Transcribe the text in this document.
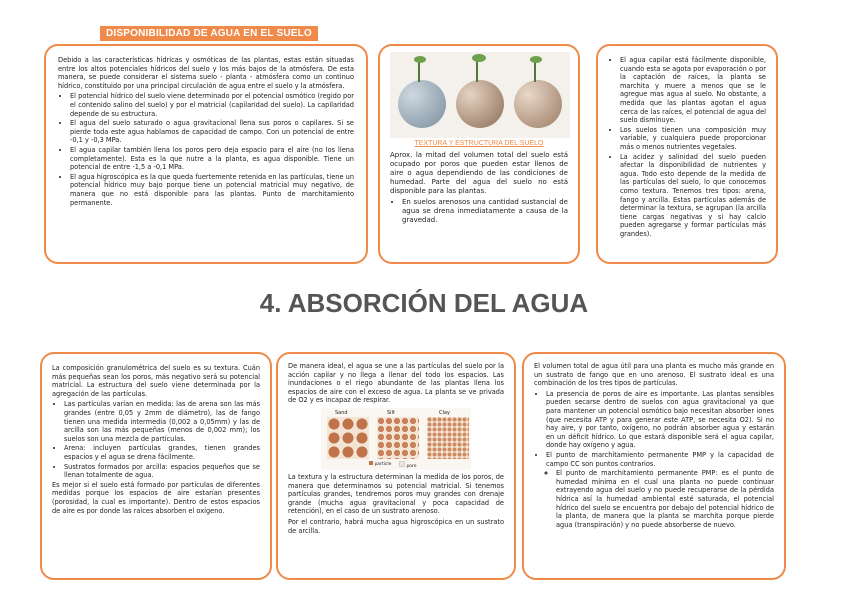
DISPONIBILIDAD DE AGUA EN EL SUELO

Debido a las características hídricas y osmóticas de las plantas, estas están situadas entre los altos potenciales hídricos del suelo y los más bajos de la atmósfera. De esta manera, se puede considerar el sistema suelo - planta - atmósfera como un continuo hídrico, constituido por una principal circulación de agua entre el suelo y la atmósfera.

• El potencial hídrico del suelo viene determinado por el potencial osmótico (regido por el contenido salino del suelo) y por el matricial (capilaridad del suelo). La capilaridad depende de su estructura.
• El agua del suelo saturado o agua gravitacional llena sus poros o capilares. Si se pierde toda este agua hablamos de capacidad de campo. Con un potencial de entre -0,1 y -0,3 MPa.
• El agua capilar también llena los poros pero deja espacio para el aire (no los llena completamente). Esta es la que nutre a la planta, es agua disponible. Tiene un potencial de entre -1,5 a -0,1 MPa.
• El agua higroscópica es la que queda fuertemente retenida en las partículas, tiene un potencial hídrico muy bajo porque tiene un potencial matricial muy negativo, de manera que no está disponible para las plantas. Punto de marchitamiento permanente.
TEXTURA Y ESTRUCTURA DEL SUELO

Aprox. la mitad del volumen total del suelo está ocupado por poros que pueden estar llenos de aire o agua dependiendo de las condiciones de humedad. Parte del agua del suelo no está disponible para las plantas.

• En suelos arenosos una cantidad sustancial de agua se drena inmediatamente a causa de la gravedad.
• El agua capilar está fácilmente disponible, cuando esta se agota por evaporación o por la captación de raíces, la planta se marchita y muere a menos que se le agregue mas agua al suelo. No obstante, a medida que las plantas agotan el agua cerca de las raíces, el potencial de agua del suelo disminuye.
• Los suelos tienen una composición muy variable, y cualquiera puede proporcionar más o menos nutrientes vegetales.
• La acidez y salinidad del suelo pueden afectar la disponibilidad de nutrientes y agua. Todo esto depende de la medida de las partículas del suelo, lo que conocemos como textura. Tenemos tres tipos: arena, fango y arcilla. Estas partículas además de determinar la textura, se agrupan (la arcilla tiene cargas negativas y si hay calcio pueden agregarse y formar partículas más grandes).
4. ABSORCIÓN DEL AGUA

La composición granulométrica del suelo es su textura. Cuán más pequeñas sean los poros, más negativo será su potencial matricial. La estructura del suelo viene determinada por la agregación de las partículas.

• Las partículas varían en medida: las de arena son las más grandes (entre 0,05 y 2mm de diámetro), las de fango tienen una medida intermedia (0,002 a 0,05mm) y las de arcilla son las más pequeñas (menos de 0,002 mm); los suelos son una mezcla de partículas.
• Arena: incluyen partículas grandes, tienen grandes espacios y el agua se drena fácilmente.
• Sustratos formados por arcilla: espacios pequeños que se llenan totalmente de agua.

Es mejor si el suelo está formado por partículas de diferentes medidas porque los espacios de aire estarían presentes (porosidad, la cual es importante). Dentro de estos espacios de aire es por donde las raíces absorben el oxígeno.

De manera ideal, el agua se une a las partículas del suelo por la acción capilar y no llega a llenar del todo los espacios. Las inundaciones o el riego abundante de las plantas llena los espacios de aire con el exceso de agua. La planta se ve privada de O2 y es incapaz de respirar.

Sand	Silt	Clay
particle	pore

La textura y la estructura determinan la medida de los poros, de manera que determinamos su potencial matricial. Si tenemos partículas grandes, tendremos poros muy grandes con drenaje grande (mucha agua gravitacional y poca capacidad de retención), en el caso de un sustrato arenoso.

Por el contrario, habrá mucha agua higroscópica en un sustrato de arcilla.

El volumen total de agua útil para una planta es mucho más grande en un sustrato de fango que en uno arenoso. El sustrato ideal es una combinación de los tres tipos de partículas.

• La presencia de poros de aire es importante. Las plantas sensibles pueden secarse dentro de suelos con agua gravitacional ya que para mantener un potencial osmótico bajo necesitan absorber iones (que necesita ATP y para generar este ATP, se necesita O2). Si no hay aire, y por tanto, oxígeno, no podrán absorber agua y estarán en un déficit hídrico. Lo que estará disponible será el agua capilar, donde hay oxígeno y agua.
• El punto de marchitamiento permanente PMP y la capacidad de campo CC son puntos contrarios.
◦ El punto de marchitamiento permanente PMP: es el punto de humedad mínima en el cual una planta no puede continuar extrayendo agua del suelo y no puede recuperarse de la pérdida hídrica así la humedad ambiental esté saturada, el potencial hídrico del suelo se encuentra por debajo del potencial hídrico de la planta, de manera que la planta se marchita porque pierde agua (transpiración) y no puede absorberse de nuevo.
